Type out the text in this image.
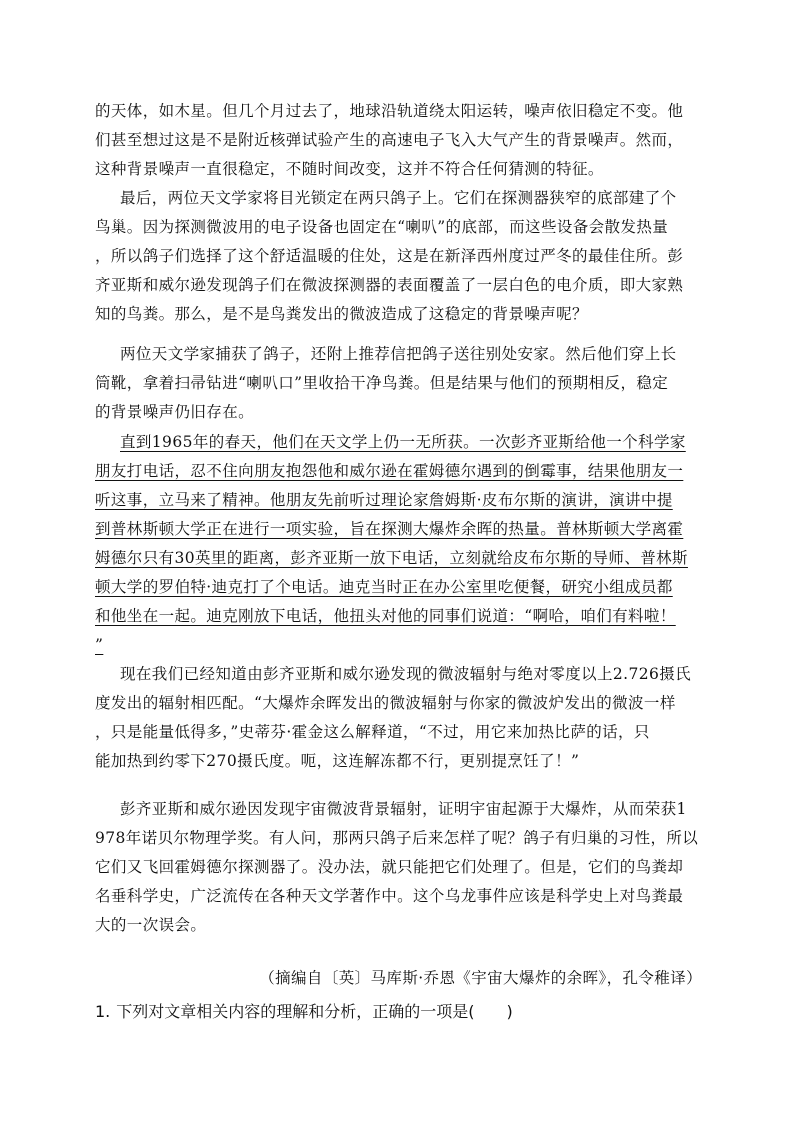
的天体，如木星。但几个月过去了，地球沿轨道绕太阳运转，噪声依旧稳定不变。他
们甚至想过这是不是附近核弹试验产生的高速电子飞入大气产生的背景噪声。然而，
这种背景噪声一直很稳定，不随时间改变，这并不符合任何猜测的特征。
最后，两位天文学家将目光锁定在两只鸽子上。它们在探测器狭窄的底部建了个
鸟巢。因为探测微波用的电子设备也固定在“喇叭”的底部，而这些设备会散发热量
，所以鸽子们选择了这个舒适温暖的住处，这是在新泽西州度过严冬的最佳住所。彭
齐亚斯和威尔逊发现鸽子们在微波探测器的表面覆盖了一层白色的电介质，即大家熟
知的鸟粪。那么，是不是鸟粪发出的微波造成了这稳定的背景噪声呢？
两位天文学家捕获了鸽子，还附上推荐信把鸽子送往别处安家。然后他们穿上长
筒靴，拿着扫帚钻进“喇叭口”里收拾干净鸟粪。但是结果与他们的预期相反，稳定
的背景噪声仍旧存在。
直到1965年的春天，他们在天文学上仍一无所获。一次彭齐亚斯给他一个科学家
朋友打电话，忍不住向朋友抱怨他和威尔逊在霍姆德尔遇到的倒霉事，结果他朋友一
听这事，立马来了精神。他朋友先前听过理论家詹姆斯·皮布尔斯的演讲，演讲中提
到普林斯顿大学正在进行一项实验，旨在探测大爆炸余晖的热量。普林斯顿大学离霍
姆德尔只有30英里的距离，彭齐亚斯一放下电话，立刻就给皮布尔斯的导师、普林斯
顿大学的罗伯特·迪克打了个电话。迪克当时正在办公室里吃便餐，研究小组成员都
和他坐在一起。迪克刚放下电话，他扭头对他的同事们说道：“啊哈，咱们有料啦！
”
现在我们已经知道由彭齐亚斯和威尔逊发现的微波辐射与绝对零度以上2.726摄氏
度发出的辐射相匹配。“大爆炸余晖发出的微波辐射与你家的微波炉发出的微波一样
，只是能量低得多，”史蒂芬·霍金这么解释道，“不过，用它来加热比萨的话，只
能加热到约零下270摄氏度。呃，这连解冻都不行，更别提烹饪了！”
彭齐亚斯和威尔逊因发现宇宙微波背景辐射，证明宇宙起源于大爆炸，从而荣获1
978年诺贝尔物理学奖。有人问，那两只鸽子后来怎样了呢？鸽子有归巢的习性，所以
它们又飞回霍姆德尔探测器了。没办法，就只能把它们处理了。但是，它们的鸟粪却
名垂科学史，广泛流传在各种天文学著作中。这个乌龙事件应该是科学史上对鸟粪最
大的一次误会。
（摘编自〔英〕马库斯·乔恩《宇宙大爆炸的余晖》，孔令稚译）
1. 下列对文章相关内容的理解和分析，正确的一项是(　　)
